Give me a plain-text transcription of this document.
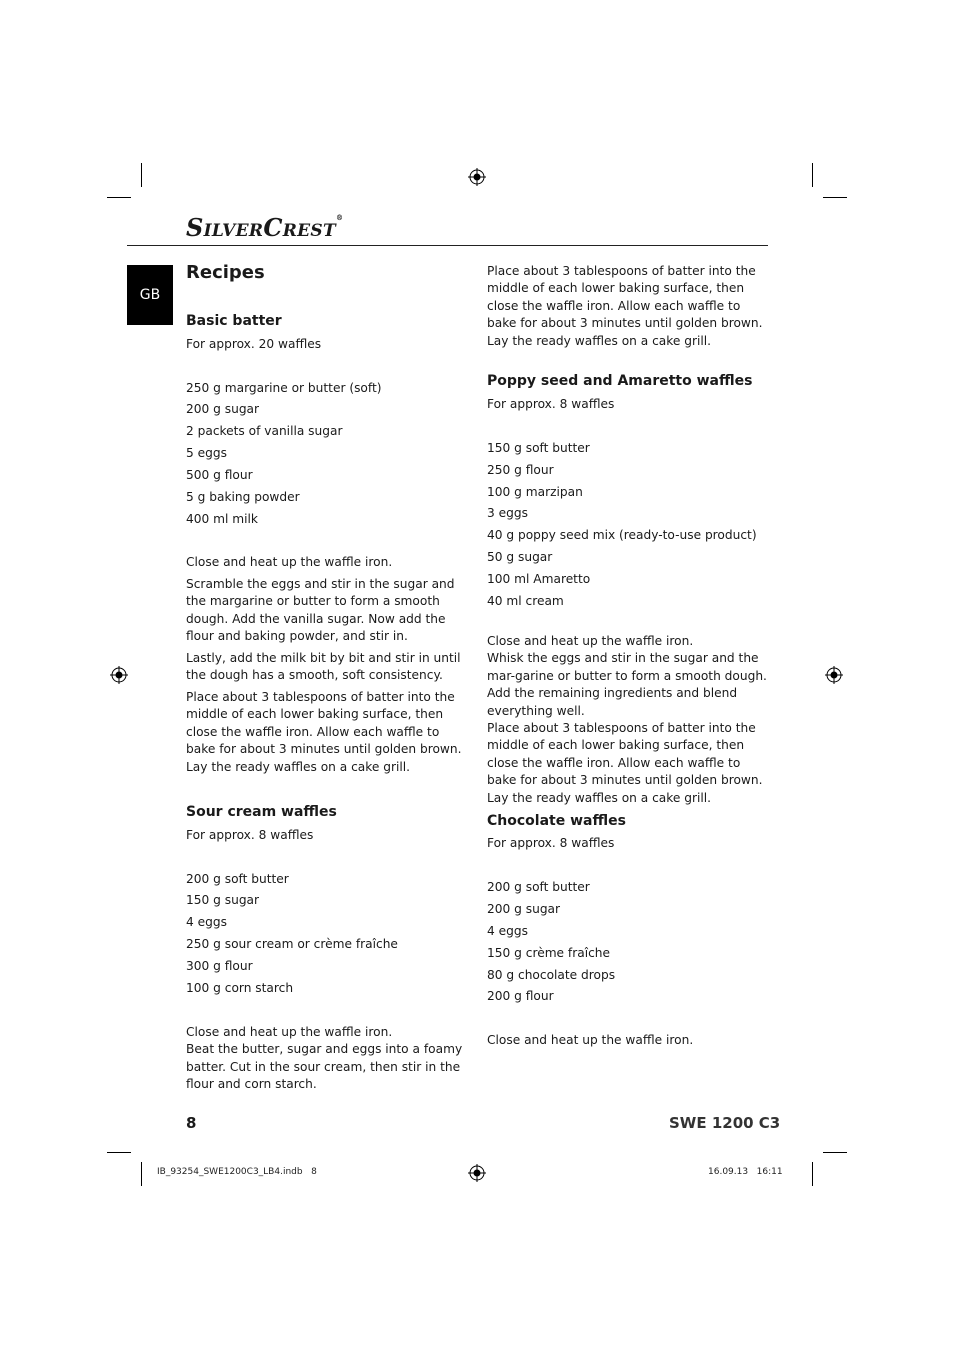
SILVERCREST®
GB
Recipes
Basic batter
For approx. 20 waffles
250 g margarine or butter (soft)
200 g sugar
2 packets of vanilla sugar
5 eggs
500 g flour
5 g baking powder
400 ml milk
Close and heat up the waffle iron.
Scramble the eggs and stir in the sugar and the margarine or butter to form a smooth dough. Add the vanilla sugar. Now add the flour and baking powder, and stir in.
Lastly, add the milk bit by bit and stir in until the dough has a smooth, soft consistency.
Place about 3 tablespoons of batter into the middle of each lower baking surface, then close the waffle iron. Allow each waffle to bake for about 3 minutes until golden brown.
Lay the ready waffles on a cake grill.
Sour cream waffles
For approx. 8 waffles
200 g soft butter
150 g sugar
4 eggs
250 g sour cream or crème fraîche
300 g flour
100 g corn starch
Close and heat up the waffle iron.
Beat the butter, sugar and eggs into a foamy batter. Cut in the sour cream, then stir in the flour and corn starch.
Place about 3 tablespoons of batter into the middle of each lower baking surface, then close the waffle iron. Allow each waffle to bake for about 3 minutes until golden brown.
Lay the ready waffles on a cake grill.
Poppy seed and Amaretto waffles
For approx. 8 waffles
150 g soft butter
250 g flour
100 g marzipan
3 eggs
40 g poppy seed mix (ready-to-use product)
50 g sugar
100 ml Amaretto
40 ml cream
Close and heat up the waffle iron.
Whisk the eggs and stir in the sugar and the mar-garine or butter to form a smooth dough. Add the remaining ingredients and blend everything well.
Place about 3 tablespoons of batter into the middle of each lower baking surface, then close the waffle iron. Allow each waffle to bake for about 3 minutes until golden brown.
Lay the ready waffles on a cake grill.
Chocolate waffles
For approx. 8 waffles
200 g soft butter
200 g sugar
4 eggs
150 g crème fraîche
80 g chocolate drops
200 g flour
Close and heat up the waffle iron.
8	SWE 1200 C3
IB_93254_SWE1200C3_LB4.indb   8	16.09.13   16:11
